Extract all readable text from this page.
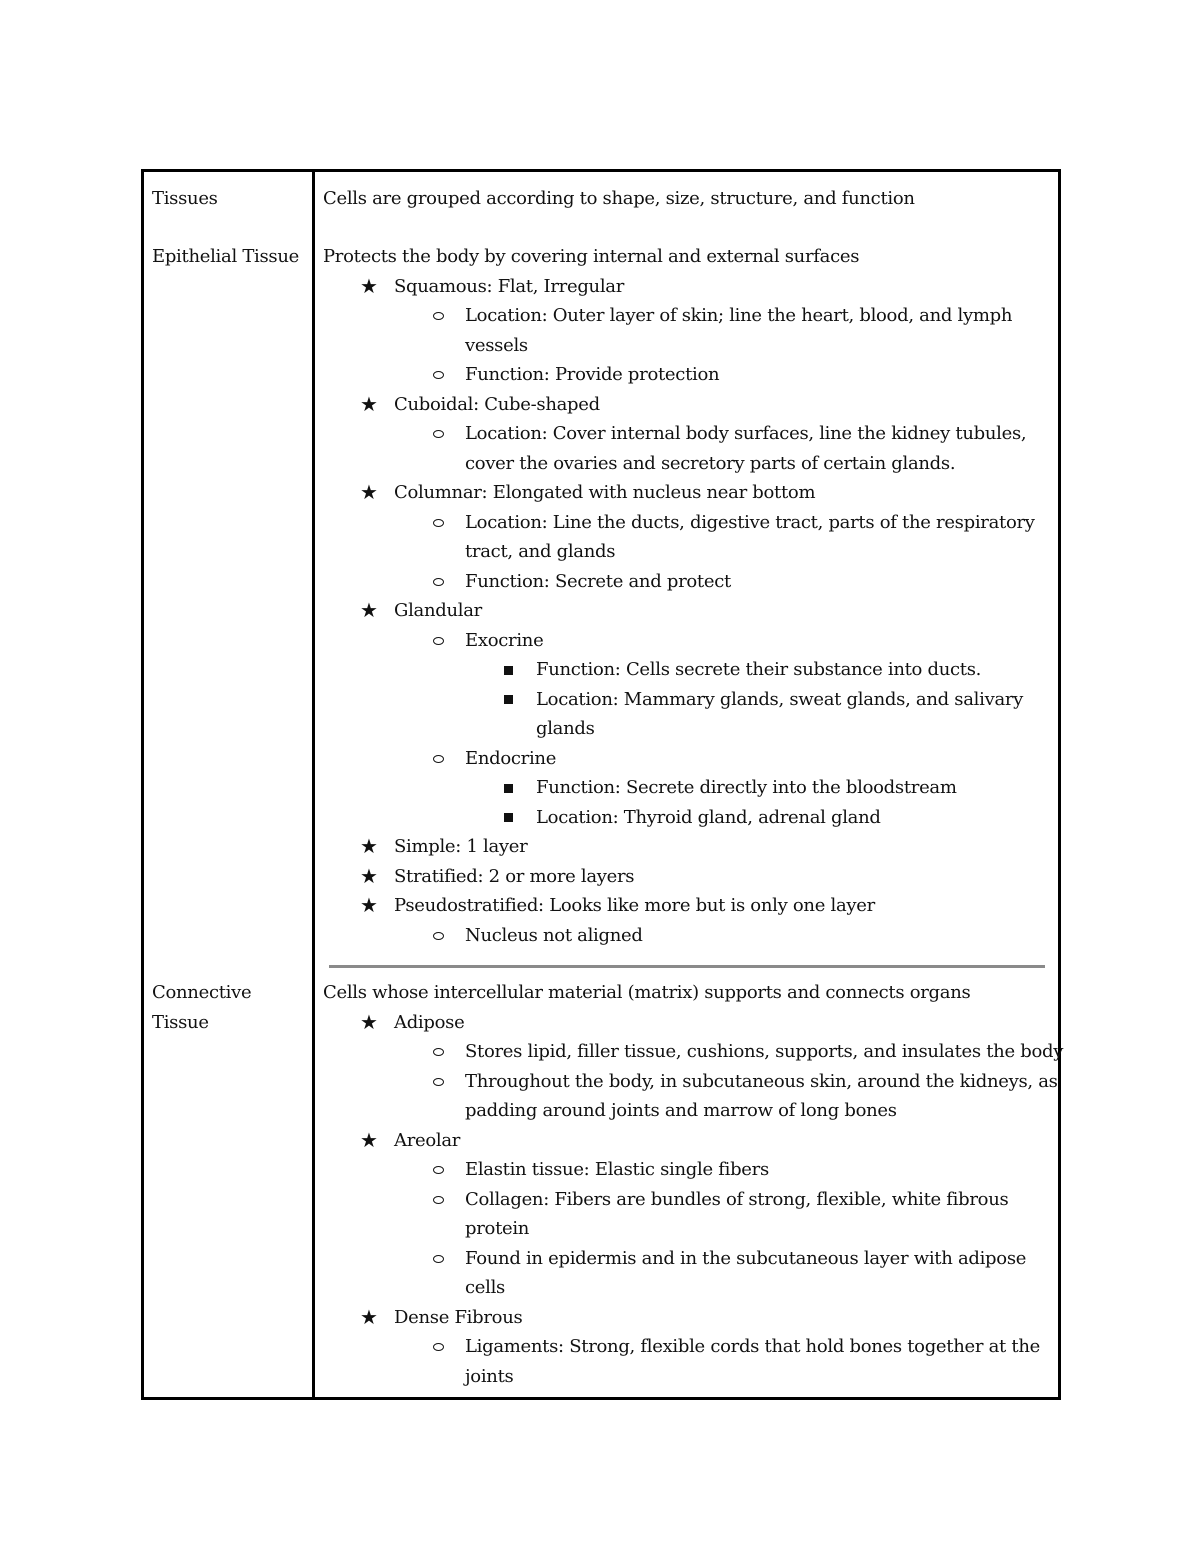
Tissues
Epithelial Tissue
Connective Tissue
Cells are grouped according to shape, size, structure, and function
Protects the body by covering internal and external surfaces
★ Squamous: Flat, Irregular
Location: Outer layer of skin; line the heart, blood, and lymph
vessels
Function: Provide protection
★ Cuboidal: Cube-shaped
Location: Cover internal body surfaces, line the kidney tubules,
cover the ovaries and secretory parts of certain glands.
★ Columnar: Elongated with nucleus near bottom
Location: Line the ducts, digestive tract, parts of the respiratory
tract, and glands
Function: Secrete and protect
★ Glandular
Exocrine
Function: Cells secrete their substance into ducts.
Location: Mammary glands, sweat glands, and salivary
glands
Endocrine
Function: Secrete directly into the bloodstream
Location: Thyroid gland, adrenal gland
★ Simple: 1 layer
★ Stratified: 2 or more layers
★ Pseudostratified: Looks like more but is only one layer
Nucleus not aligned
Cells whose intercellular material (matrix) supports and connects organs
★ Adipose
Stores lipid, filler tissue, cushions, supports, and insulates the body
Throughout the body, in subcutaneous skin, around the kidneys, as
padding around joints and marrow of long bones
★ Areolar
Elastin tissue: Elastic single fibers
Collagen: Fibers are bundles of strong, flexible, white fibrous
protein
Found in epidermis and in the subcutaneous layer with adipose
cells
★ Dense Fibrous
Ligaments: Strong, flexible cords that hold bones together at the
joints
